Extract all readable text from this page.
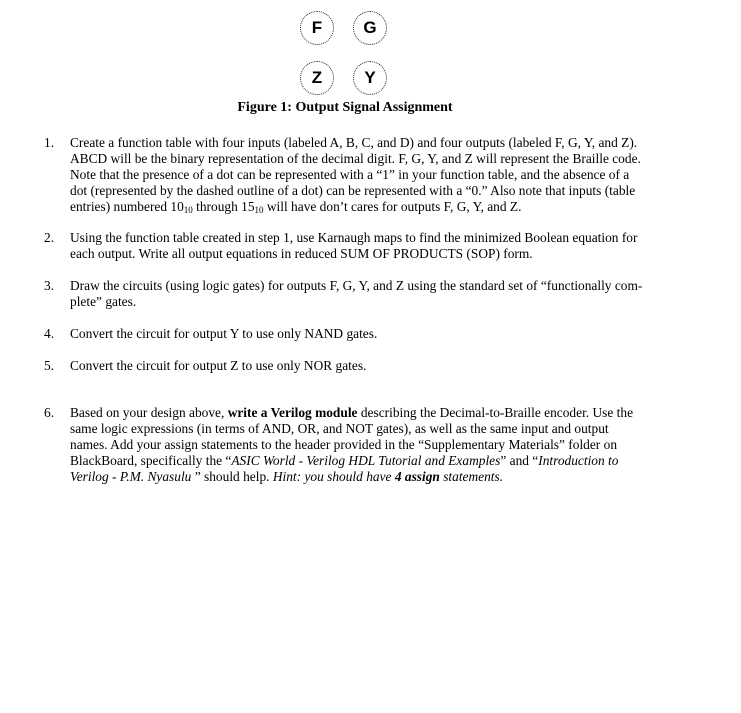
F G
Z Y
Figure 1: Output Signal Assignment
1. Create a function table with four inputs (labeled A, B, C, and D) and four outputs (labeled F, G, Y, and Z).
ABCD will be the binary representation of the decimal digit. F, G, Y, and Z will represent the Braille code.
Note that the presence of a dot can be represented with a “1” in your function table, and the absence of a
dot (represented by the dashed outline of a dot) can be represented with a “0.” Also note that inputs (table
entries) numbered $10_{10}$ through $15_{10}$ will have don’t cares for outputs F, G, Y, and Z.
2. Using the function table created in step 1, use Karnaugh maps to find the minimized Boolean equation for
each output. Write all output equations in reduced SUM OF PRODUCTS (SOP) form.
3. Draw the circuits (using logic gates) for outputs F, G, Y, and Z using the standard set of “functionally com-
plete” gates.
4. Convert the circuit for output Y to use only NAND gates.
5. Convert the circuit for output Z to use only NOR gates.
6. Based on your design above, write a Verilog module describing the Decimal-to-Braille encoder. Use the
same logic expressions (in terms of AND, OR, and NOT gates), as well as the same input and output
names. Add your assign statements to the header provided in the “Supplementary Materials” folder on
BlackBoard, specifically the “ASIC World - Verilog HDL Tutorial and Examples” and “Introduction to
Verilog - P.M. Nyasulu ” should help. Hint: you should have 4 assign statements.
